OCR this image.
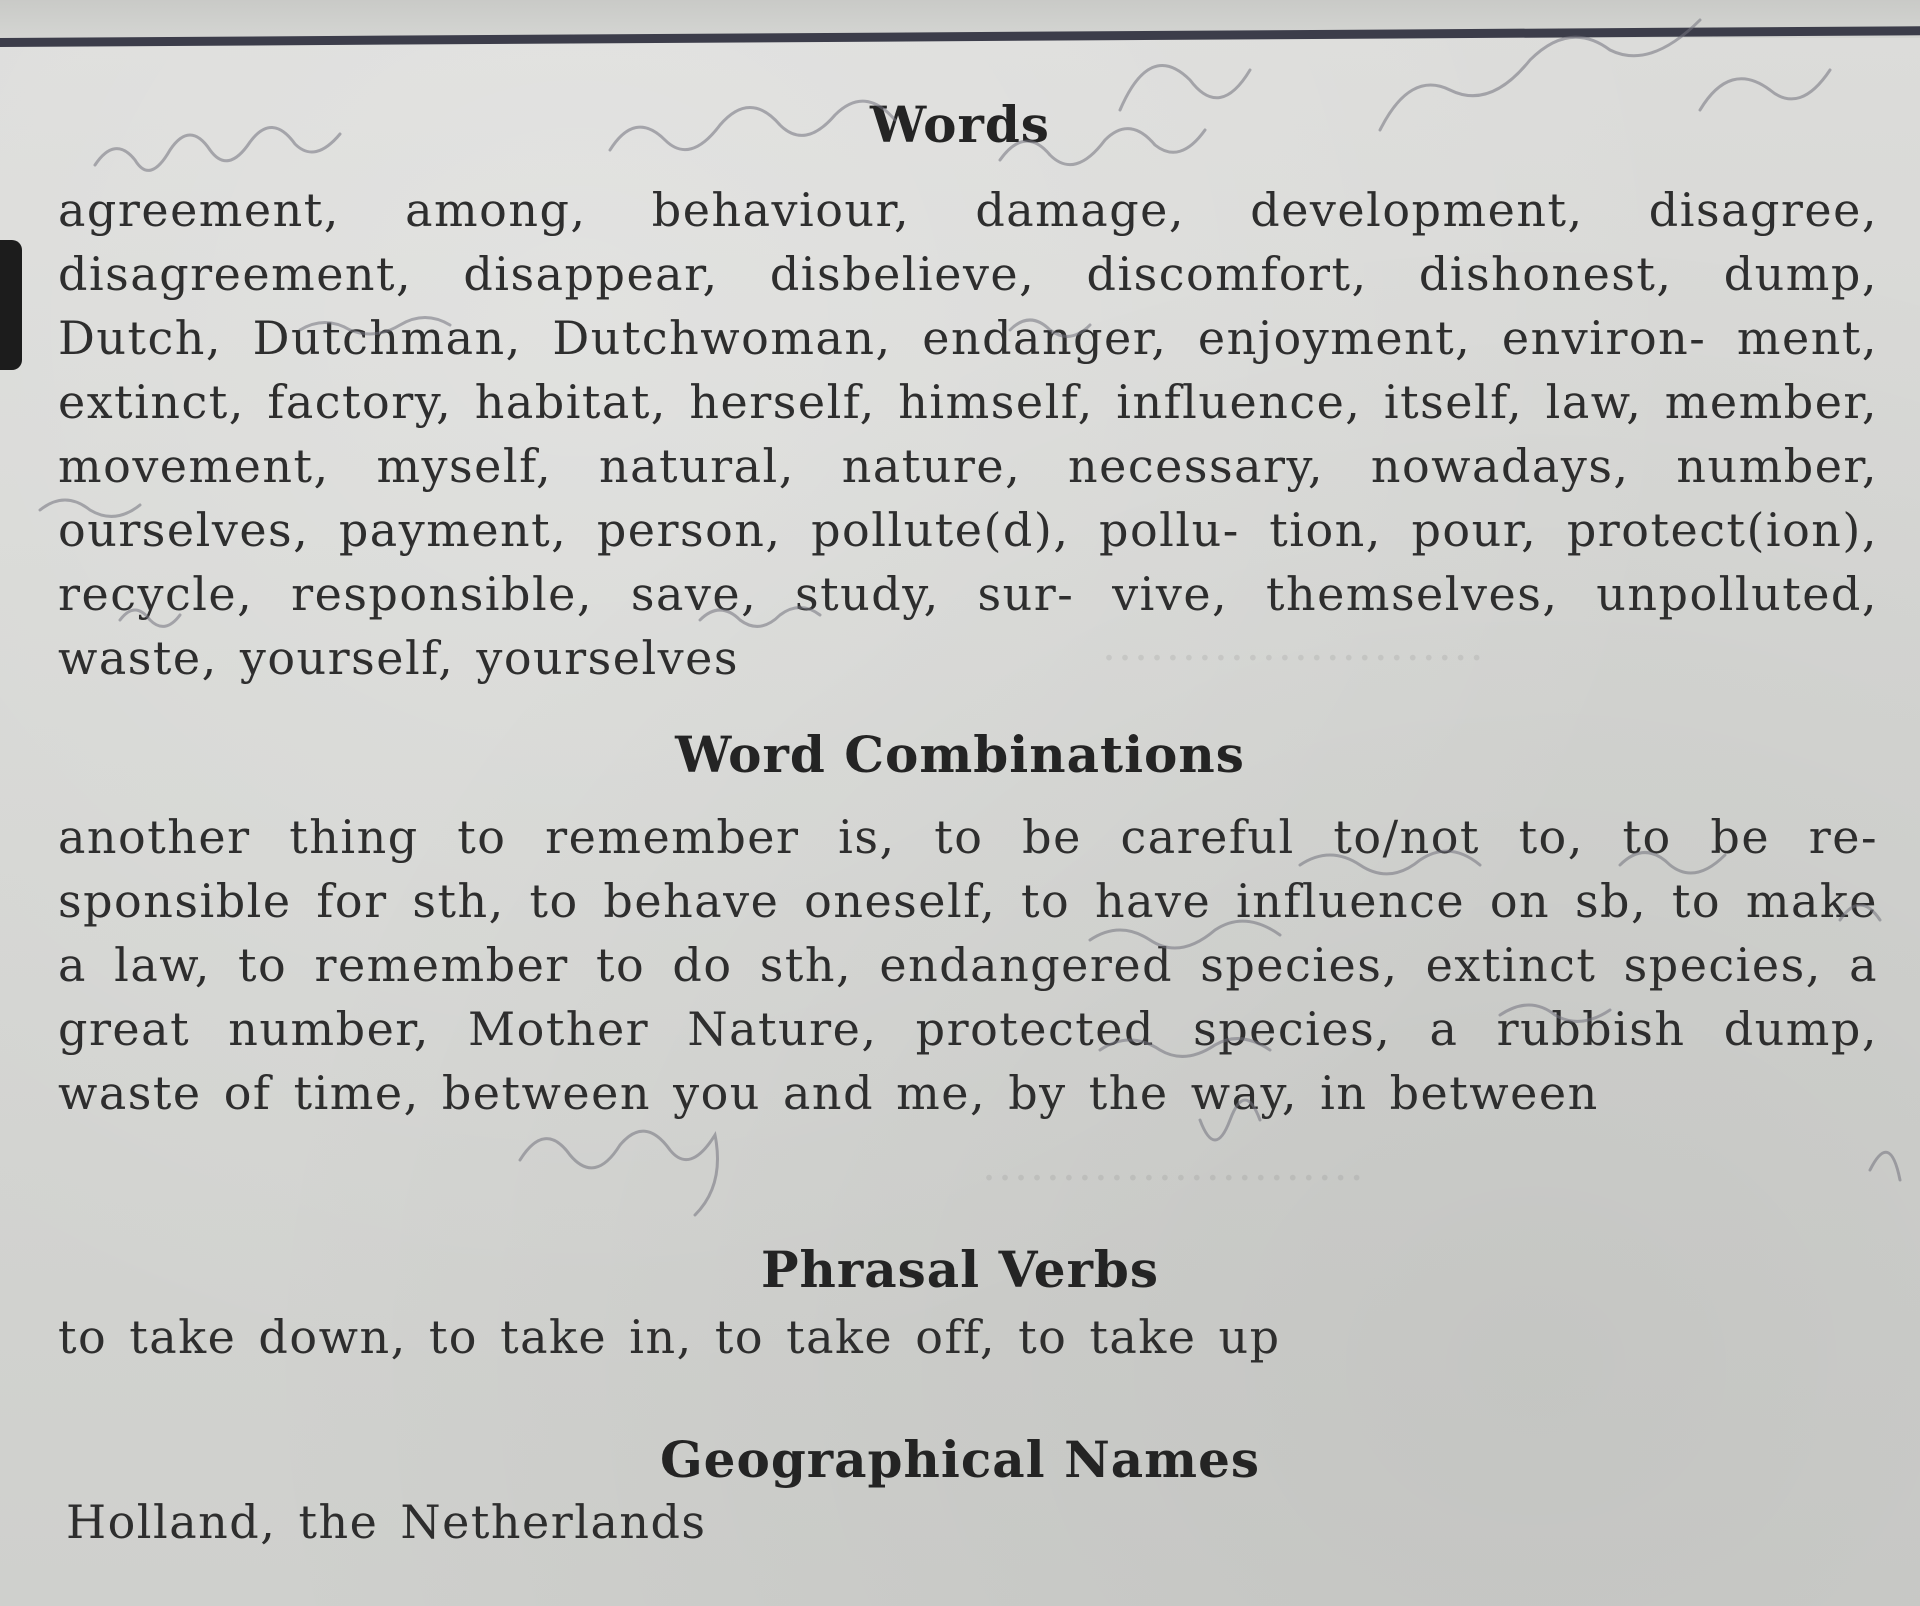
........................
........................
Words
agreement, among, behaviour, damage, development, disagree, disagreement, disappear, disbelieve, discomfort, dishonest, dump, Dutch, Dutchman, Dutchwoman, endanger, enjoyment, environ- ment, extinct, factory, habitat, herself, himself, influence, itself, law, member, movement, myself, natural, nature, necessary, nowadays, number, ourselves, payment, person, pollute(d), pollu- tion, pour, protect(ion), recycle, responsible, save, study, sur- vive, themselves, unpolluted, waste, yourself, yourselves
Word Combinations
another thing to remember is, to be careful to/not to, to be re- sponsible for sth, to behave oneself, to have influence on sb, to make a law, to remember to do sth, endangered species, extinct species, a great number, Mother Nature, protected species, a rubbish dump, waste of time, between you and me, by the way, in between
Phrasal Verbs
to take down, to take in, to take off, to take up
Geographical Names
Holland, the Netherlands
